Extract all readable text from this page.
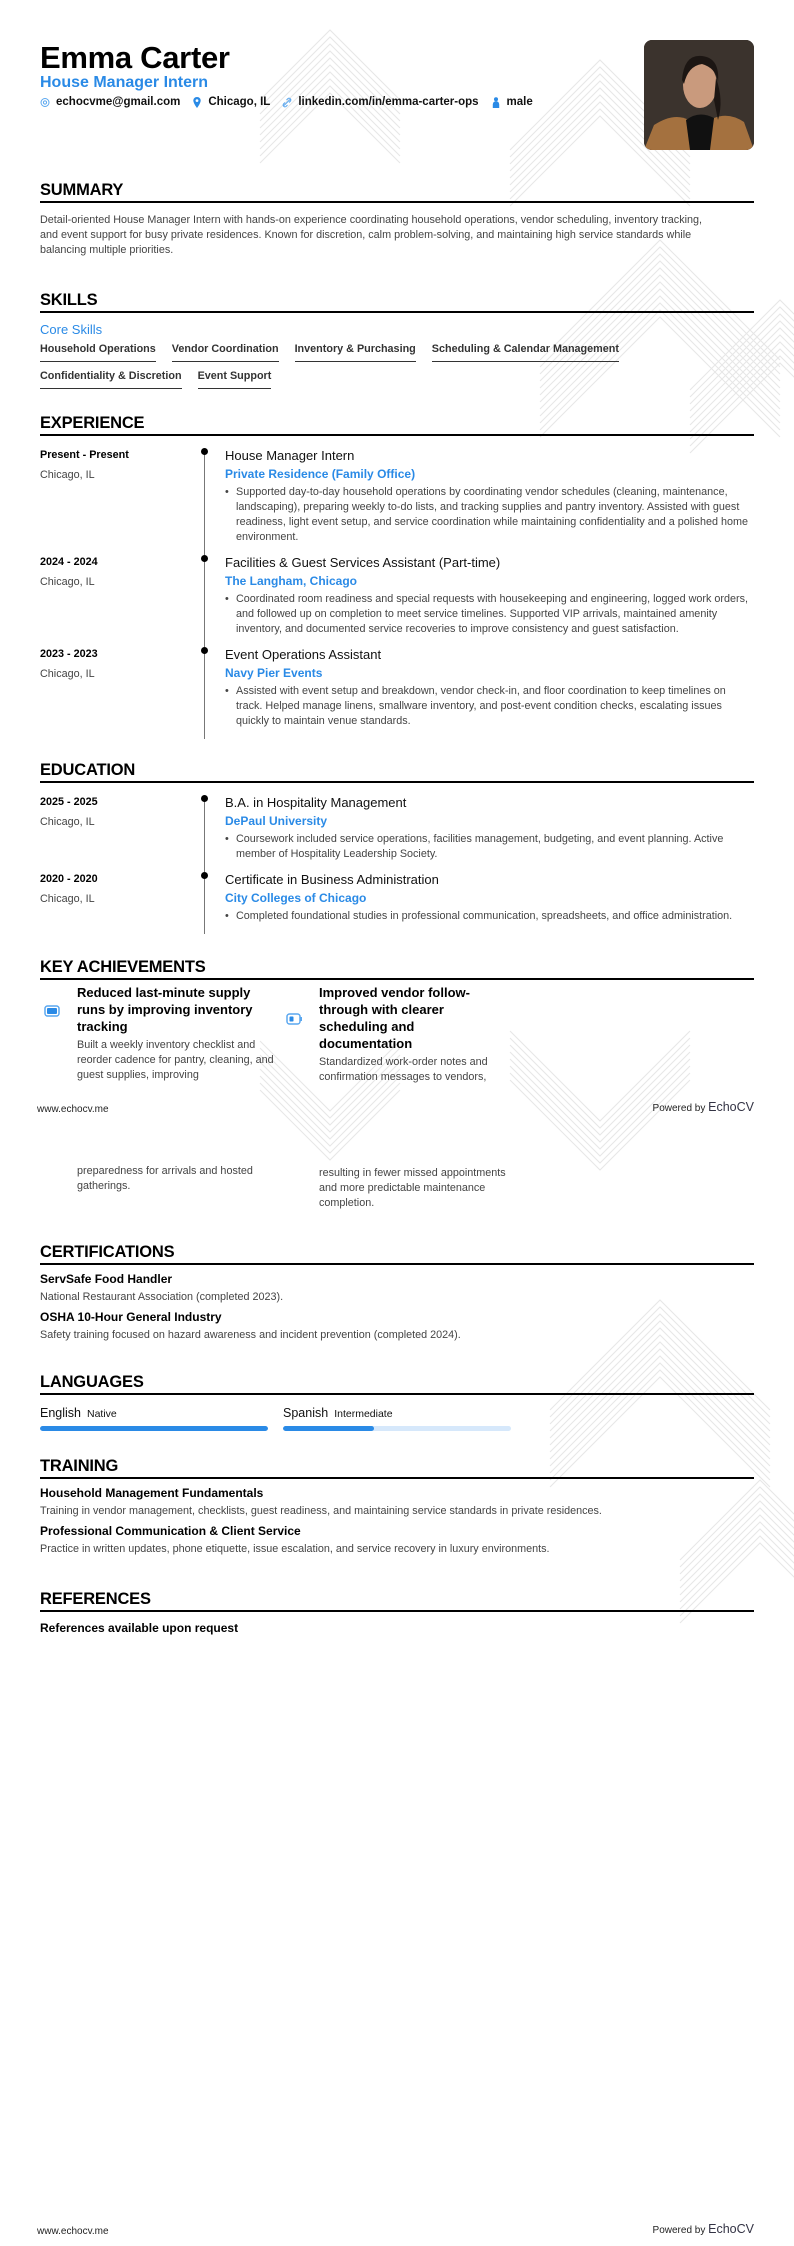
Emma Carter
House Manager Intern
echocvme@gmail.com Chicago, IL linkedin.com/in/emma-carter-ops male
SUMMARY

Detail-oriented House Manager Intern with hands-on experience coordinating household operations, vendor scheduling, inventory tracking, and event support for busy private residences. Known for discretion, calm problem-solving, and maintaining high service standards while balancing multiple priorities.

SKILLS
Core Skills
Household Operations Vendor Coordination Inventory & Purchasing Scheduling & Calendar Management
Confidentiality & Discretion Event Support
EXPERIENCE
Present - Present
Chicago, IL
House Manager Intern
Private Residence (Family Office)
• Supported day-to-day household operations by coordinating vendor schedules (cleaning, maintenance, landscaping), preparing weekly to-do lists, and tracking supplies and pantry inventory. Assisted with guest readiness, light event setup, and service coordination while maintaining confidentiality and a polished home environment.
2024 - 2024
Chicago, IL
Facilities & Guest Services Assistant (Part-time)
The Langham, Chicago
• Coordinated room readiness and special requests with housekeeping and engineering, logged work orders, and followed up on completion to meet service timelines. Supported VIP arrivals, maintained amenity inventory, and documented service recoveries to improve consistency and guest satisfaction.
2023 - 2023
Chicago, IL
Event Operations Assistant
Navy Pier Events
• Assisted with event setup and breakdown, vendor check-in, and floor coordination to keep timelines on track. Helped manage linens, smallware inventory, and post-event condition checks, escalating issues quickly to maintain venue standards.
EDUCATION
2025 - 2025
Chicago, IL
B.A. in Hospitality Management
DePaul University
• Coursework included service operations, facilities management, budgeting, and event planning. Active member of Hospitality Leadership Society.
2020 - 2020
Chicago, IL
Certificate in Business Administration
City Colleges of Chicago
• Completed foundational studies in professional communication, spreadsheets, and office administration.
KEY ACHIEVEMENTS
Reduced last-minute supply runs by improving inventory tracking
Built a weekly inventory checklist and reorder cadence for pantry, cleaning, and guest supplies, improving
Improved vendor follow-through with clearer scheduling and documentation
Standardized work-order notes and confirmation messages to vendors,
www.echocv.me	Powered by EchoCV
preparedness for arrivals and hosted gatherings.
resulting in fewer missed appointments and more predictable maintenance completion.
CERTIFICATIONS
ServSafe Food Handler
National Restaurant Association (completed 2023).
OSHA 10-Hour General Industry
Safety training focused on hazard awareness and incident prevention (completed 2024).
LANGUAGES
English Native	Spanish Intermediate
TRAINING
Household Management Fundamentals
Training in vendor management, checklists, guest readiness, and maintaining service standards in private residences.
Professional Communication & Client Service
Practice in written updates, phone etiquette, issue escalation, and service recovery in luxury environments.
REFERENCES
References available upon request
www.echocv.me	Powered by EchoCV
